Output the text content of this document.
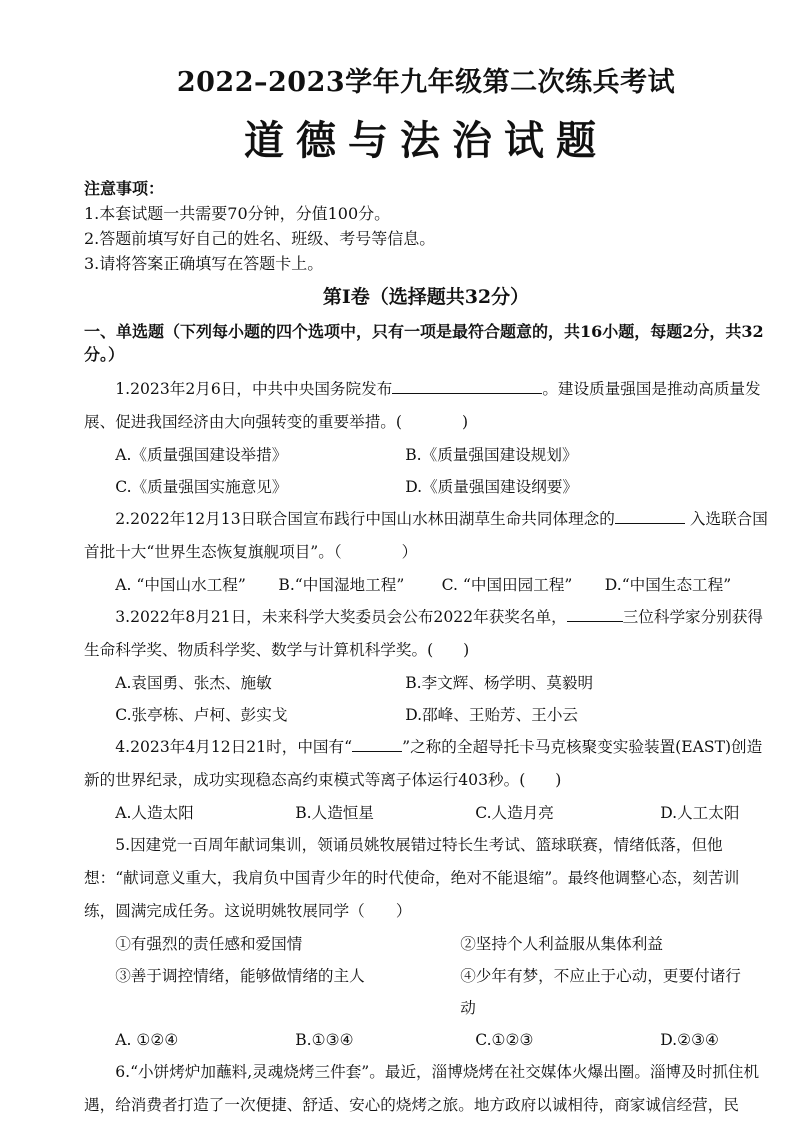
2022–2023学年九年级第二次练兵考试
道德与法治试题
注意事项：
1.本套试题一共需要70分钟，分值100分。
2.答题前填写好自己的姓名、班级、考号等信息。
3.请将答案正确填写在答题卡上。
第Ⅰ卷（选择题共32分）
一、单选题（下列每小题的四个选项中，只有一项是最符合题意的，共16小题，每题2分，共32分。）
1.2023年2月6日，中共中央国务院发布	。建设质量强国是推动高质量发展、促进我国经济由大向强转变的重要举措。(	)
A.《质量强国建设举措》	B.《质量强国建设规划》
C.《质量强国实施意见》	D.《质量强国建设纲要》
2.2022年12月13日联合国宣布践行中国山水林田湖草生命共同体理念的	入选联合国首批十大“世界生态恢复旗舰项目”。（	）
A. “中国山水工程”	B.“中国湿地工程”	C. “中国田园工程”	D.“中国生态工程”
3.2022年8月21日，未来科学大奖委员会公布2022年获奖名单，	三位科学家分别获得生命科学奖、物质科学奖、数学与计算机科学奖。( )
A.袁国勇、张杰、施敏	B.李文辉、杨学明、莫毅明
C.张亭栋、卢柯、彭实戈	D.邵峰、王贻芳、王小云
4.2023年4月12日21时，中国有“	”之称的全超导托卡马克核聚变实验装置(EAST)创造新的世界纪录，成功实现稳态高约束模式等离子体运行403秒。( )
A.人造太阳	B.人造恒星	C.人造月亮	D.人工太阳
5.因建党一百周年献词集训，领诵员姚牧展错过特长生考试、篮球联赛，情绪低落，但他想：“献词意义重大，我肩负中国青少年的时代使命，绝对不能退缩”。最终他调整心态，刻苦训练，圆满完成任务。这说明姚牧展同学（　　）
①有强烈的责任感和爱国情	②坚持个人利益服从集体利益
③善于调控情绪，能够做情绪的主人	④少年有梦，不应止于心动，更要付诸行动
A. ①②④	B.①③④	C.①②③	D.②③④
6.“小饼烤炉加蘸料,灵魂烧烤三件套”。最近，淄博烧烤在社交媒体火爆出圈。淄博及时抓住机遇，给消费者打造了一次便捷、舒适、安心的烧烤之旅。地方政府以诚相待，商家诚信经营，民
